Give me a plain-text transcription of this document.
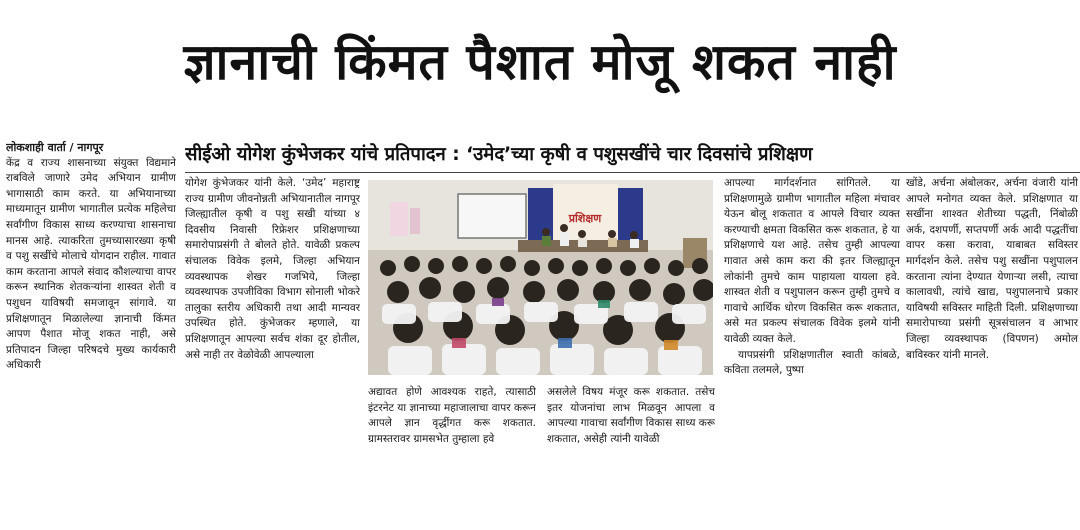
ज्ञानाची किंमत पैशात मोजू शकत नाही
सीईओ योगेश कुंभेजकर यांचे प्रतिपादन : ‘उमेद’च्या कृषी व पशुसखींचे चार दिवसांचे प्रशिक्षण

लोकशाही वार्ता / नागपूर

केंद्र व राज्य शासनाच्या संयुक्त विद्यमाने राबविले जाणारे उमेद अभियान ग्रामीण भागासाठी काम करते. या अभियानाच्या माध्यमातून ग्रामीण भागातील प्रत्येक महिलेचा सर्वांगीण विकास साध्य करण्याचा शासनाचा मानस आहे. त्याकरिता तुमच्यासारख्या कृषी व पशु सखींचे मोलाचे योगदान राहील. गावात काम करताना आपले संवाद कौशल्याचा वापर करून स्थानिक शेतकऱ्यांना शास्वत शेती व पशुधन याविषयी समजावून सांगावे. या प्रशिक्षणातून मिळालेल्या ज्ञानाची किंमत आपण पैशात मोजू शकत नाही, असे प्रतिपादन जिल्हा परिषदचे मुख्य कार्यकारी अधिकारी

योगेश कुंभेजकर यांनी केले. ‘उमेद’ महाराष्ट्र राज्य ग्रामीण जीवनोन्नती अभियानातील नागपूर जिल्ह्यातील कृषी व पशु सखी यांच्या ४ दिवसीय निवासी रिफ्रेशर प्रशिक्षणाच्या समारोपाप्रसंगी ते बोलते होते. यावेळी प्रकल्प संचालक विवेक इलमे, जिल्हा अभियान व्यवस्थापक शेखर गजभिये, जिल्हा व्यवस्थापक उपजीविका विभाग सोनाली भोकरे तालुका स्तरीय अधिकारी तथा आदी मान्यवर उपस्थित होते. कुंभेजकर म्हणाले, या प्रशिक्षणातून आपल्या सर्वच शंका दूर होतील, असे नाही तर वेळोवेळी आपल्याला

प्रशिक्षण

अद्यावत होणे आवश्यक राहते, त्यासाठी इंटरनेट या ज्ञानाच्या महाजालाचा वापर करून आपले ज्ञान वृद्धींगत करू शकतात. ग्रामस्तरावर ग्रामसभेत तुम्हाला हवे

असलेले विषय मंजूर करू शकतात. तसेच इतर योजनांचा लाभ मिळवून आपला व आपल्या गावाचा सर्वांगीण विकास साध्य करू शकतात, असेही त्यांनी यावेळी

आपल्या मार्गदर्शनात सांगितले. या प्रशिक्षणामुळे ग्रामीण भागातील महिला मंचावर येऊन बोलू शकतात व आपले विचार व्यक्त करण्याची क्षमता विकसित करू शकतात, हे या प्रशिक्षणाचे यश आहे. तसेच तुम्ही आपल्या गावात असे काम करा की इतर जिल्ह्यातून लोकांनी तुमचे काम पाहायला यायला हवे. शास्वत शेती व पशुपालन करून तुम्ही तुमचे व गावाचे आर्थिक धोरण विकसित करू शकतात, असे मत प्रकल्प संचालक विवेक इलमे यांनी यावेळी व्यक्त केले.

यापप्रसंगी प्रशिक्षणातील स्वाती कांबळे, कविता तलमले, पुष्पा

खोंडे, अर्चना अंबोलकर, अर्चना वंजारी यांनी आपले मनोगत व्यक्त केले. प्रशिक्षणात या सखींना शाश्वत शेतीच्या पद्धती, निंबोळी अर्क, दशपर्णी, सप्तपर्णी अर्क आदी पद्धतींचा वापर कसा करावा, याबाबत सविस्तर मार्गदर्शन केले. तसेच पशु सखींना पशुपालन करताना त्यांना देण्यात येणाऱ्या लसी, त्याचा कालावधी, त्यांचे खाद्य, पशुपालनाचे प्रकार याविषयी सविस्तर माहिती दिली. प्रशिक्षणाच्या समारोपाच्या प्रसंगी सूत्रसंचालन व आभार जिल्हा व्यवस्थापक (विपणन) अमोल बाविस्कर यांनी मानले.
